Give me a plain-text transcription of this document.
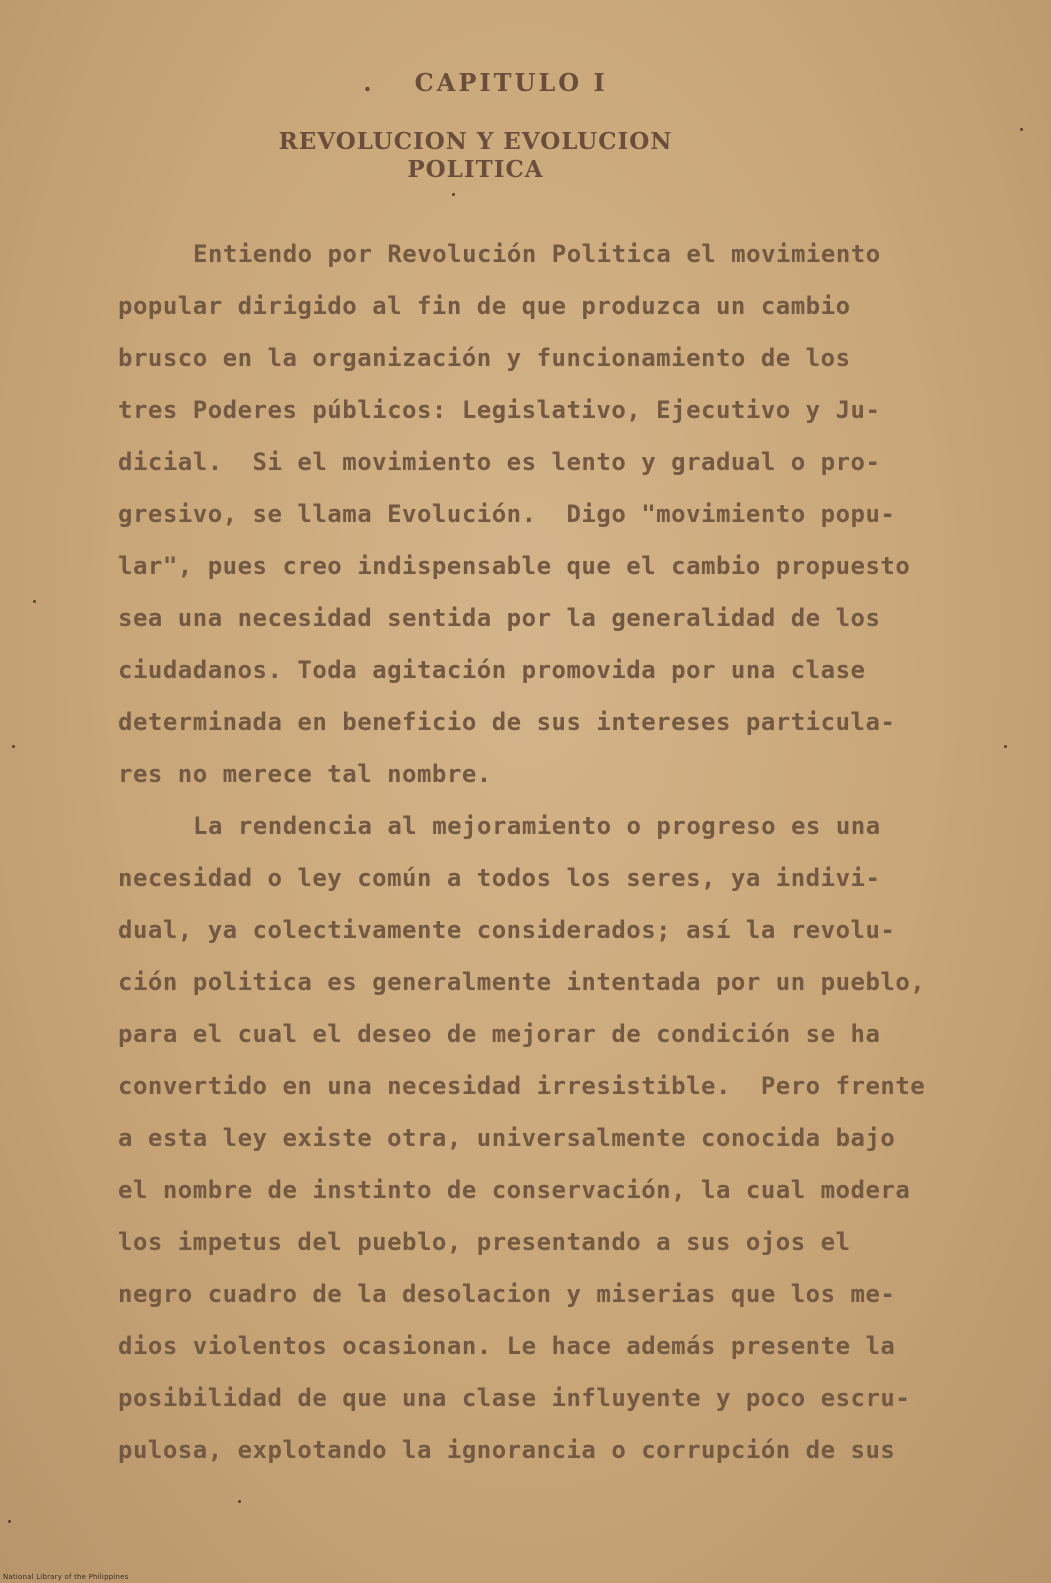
. CAPITULO I
REVOLUCION Y EVOLUCION
POLITICA
Entiendo por Revolución Politica el movimiento
popular dirigido al fin de que produzca un cambio
brusco en la organización y funcionamiento de los
tres Poderes públicos: Legislativo, Ejecutivo y Ju-
dicial.  Si el movimiento es lento y gradual o pro-
gresivo, se llama Evolución.  Digo "movimiento popu-
lar", pues creo indispensable que el cambio propuesto
sea una necesidad sentida por la generalidad de los
ciudadanos. Toda agitación promovida por una clase
determinada en beneficio de sus intereses particula-
res no merece tal nombre.
La rendencia al mejoramiento o progreso es una
necesidad o ley común a todos los seres, ya indivi-
dual, ya colectivamente considerados; así la revolu-
ción politica es generalmente intentada por un pueblo,
para el cual el deseo de mejorar de condición se ha
convertido en una necesidad irresistible.  Pero frente
a esta ley existe otra, universalmente conocida bajo
el nombre de instinto de conservación, la cual modera
los impetus del pueblo, presentando a sus ojos el
negro cuadro de la desolacion y miserias que los me-
dios violentos ocasionan. Le hace además presente la
posibilidad de que una clase influyente y poco escru-
pulosa, explotando la ignorancia o corrupción de sus
National Library of the Philippines
